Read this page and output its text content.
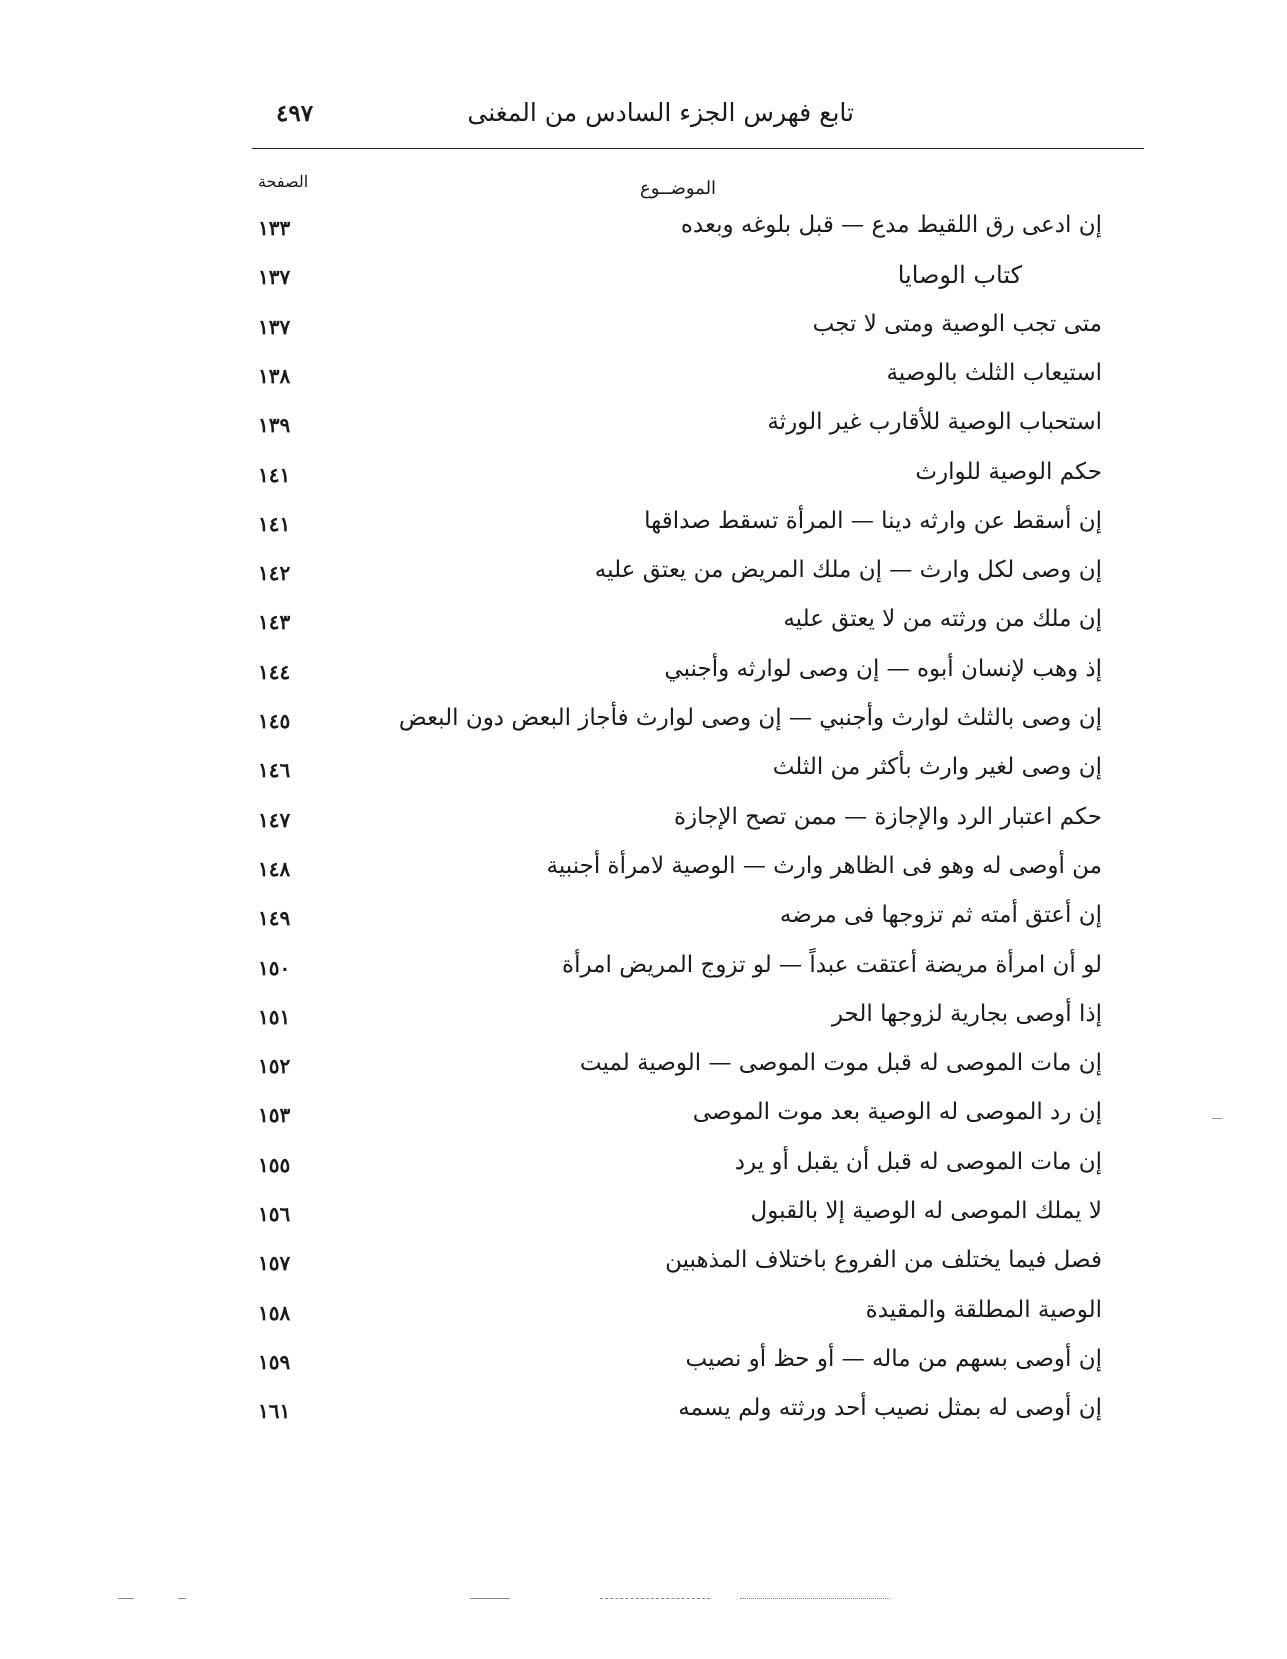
٤٩٧	تابع فهرس الجزء السادس من المغنى
الصفحة	الموضــوع
١٣٣	إن ادعى رق اللقيط مدع — قبل بلوغه وبعده
١٣٧	كتاب الوصايا
١٣٧	متى تجب الوصية ومتى لا تجب
١٣٨	استيعاب الثلث بالوصية
١٣٩	استحباب الوصية للأقارب غير الورثة
١٤١	حكم الوصية للوارث
١٤١	إن أسقط عن وارثه دينا — المرأة تسقط صداقها
١٤٢	إن وصى لكل وارث — إن ملك المريض من يعتق عليه
١٤٣	إن ملك من ورثته من لا يعتق عليه
١٤٤	إذ وهب لإنسان أبوه — إن وصى لوارثه وأجنبي
١٤٥	إن وصى بالثلث لوارث وأجنبي — إن وصى لوارث فأجاز البعض دون البعض
١٤٦	إن وصى لغير وارث بأكثر من الثلث
١٤٧	حكم اعتبار الرد والإجازة — ممن تصح الإجازة
١٤٨	من أوصى له وهو فى الظاهر وارث — الوصية لامرأة أجنبية
١٤٩	إن أعتق أمته ثم تزوجها فى مرضه
١٥٠	لو أن امرأة مريضة أعتقت عبداً — لو تزوج المريض امرأة
١٥١	إذا أوصى بجارية لزوجها الحر
١٥٢	إن مات الموصى له قبل موت الموصى — الوصية لميت
١٥٣	إن رد الموصى له الوصية بعد موت الموصى
١٥٥	إن مات الموصى له قبل أن يقبل أو يرد
١٥٦	لا يملك الموصى له الوصية إلا بالقبول
١٥٧	فصل فيما يختلف من الفروع باختلاف المذهبين
١٥٨	الوصية المطلقة والمقيدة
١٥٩	إن أوصى بسهم من ماله — أو حظ أو نصيب
١٦١	إن أوصى له بمثل نصيب أحد ورثته ولم يسمه
